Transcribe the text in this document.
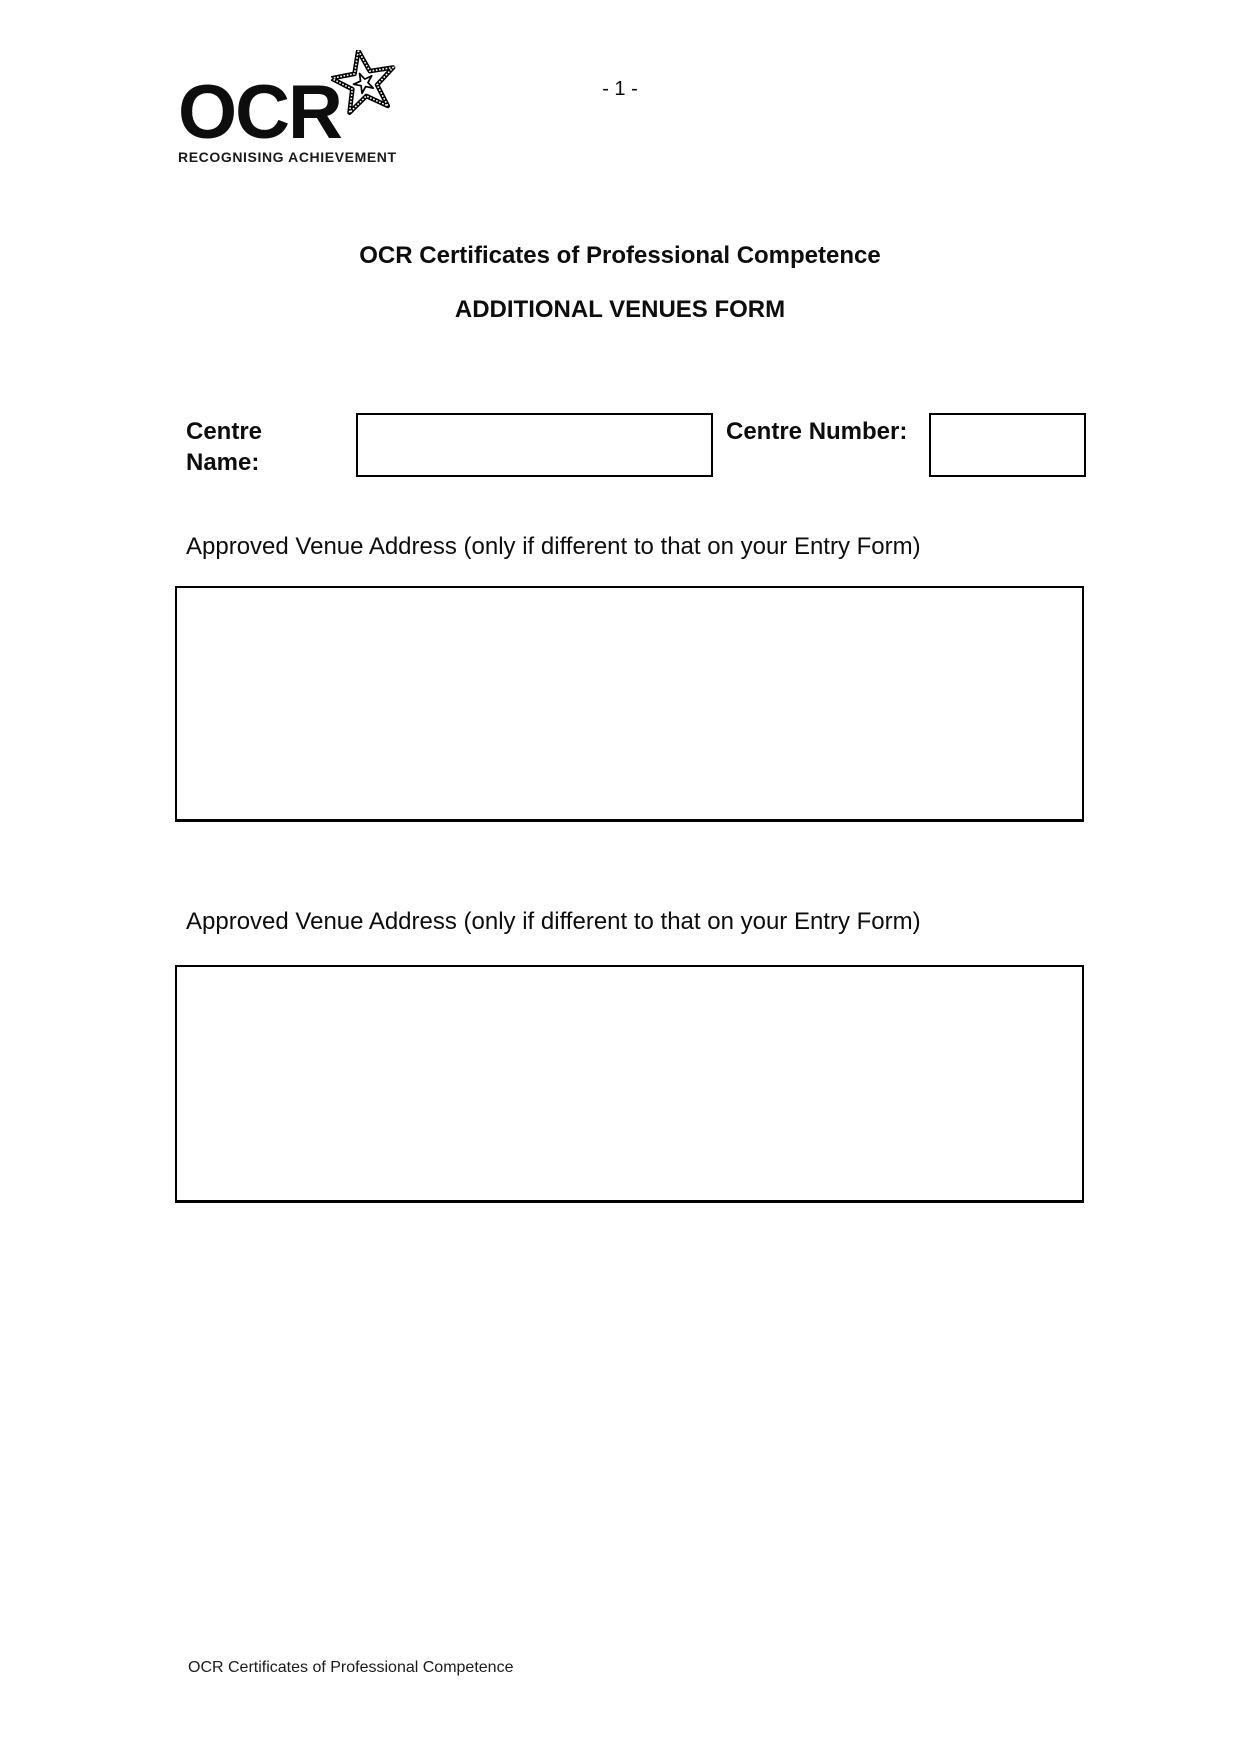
OCR
RECOGNISING ACHIEVEMENT
- 1 -
OCR Certificates of Professional Competence
ADDITIONAL VENUES FORM
Centre
Name:
Centre Number:
Approved Venue Address (only if different to that on your Entry Form)
Approved Venue Address (only if different to that on your Entry Form)
OCR Certificates of Professional Competence
